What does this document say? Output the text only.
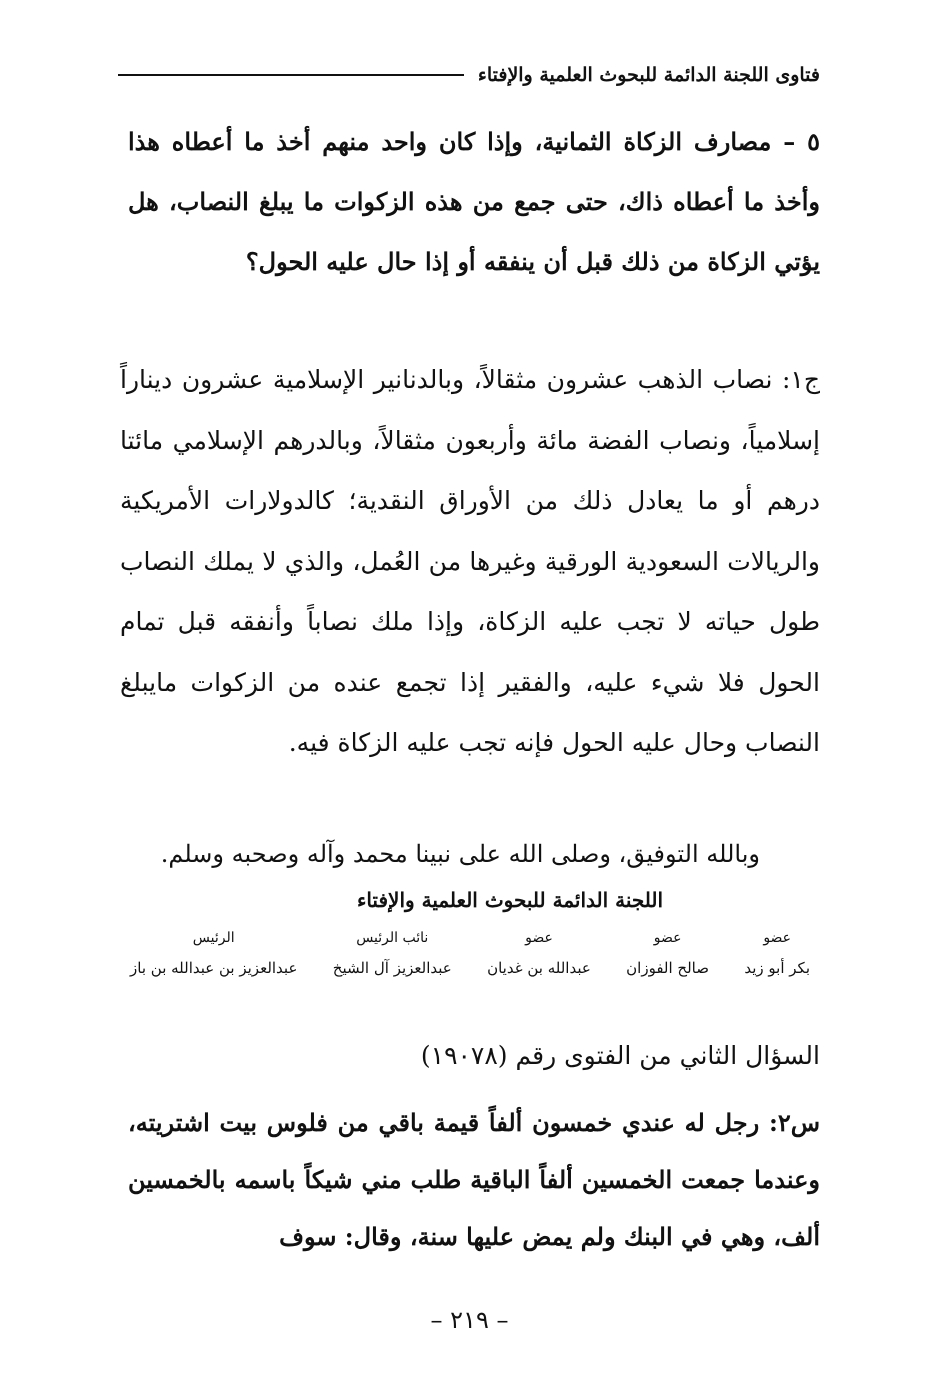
فتاوى اللجنة الدائمة للبحوث العلمية والإفتاء

٥ – مصارف الزكاة الثمانية، وإذا كان واحد منهم أخذ ما أعطاه هذا وأخذ ما أعطاه ذاك، حتى جمع من هذه الزكوات ما يبلغ النصاب، هل يؤتي الزكاة من ذلك قبل أن ينفقه أو إذا حال عليه الحول؟

ج١: نصاب الذهب عشرون مثقالاً، وبالدنانير الإسلامية عشرون ديناراً إسلامياً، ونصاب الفضة مائة وأربعون مثقالاً، وبالدرهم الإسلامي مائتا درهم أو ما يعادل ذلك من الأوراق النقدية؛ كالدولارات الأمريكية والريالات السعودية الورقية وغيرها من العُمل، والذي لا يملك النصاب طول حياته لا تجب عليه الزكاة، وإذا ملك نصاباً وأنفقه قبل تمام الحول فلا شيء عليه، والفقير إذا تجمع عنده من الزكوات مايبلغ النصاب وحال عليه الحول فإنه تجب عليه الزكاة فيه.

وبالله التوفيق، وصلى الله على نبينا محمد وآله وصحبه وسلم.
اللجنة الدائمة للبحوث العلمية والإفتاء
عضو
بكر أبو زيد
عضو
صالح الفوزان
عضو
عبدالله بن غديان
نائب الرئيس
عبدالعزيز آل الشيخ
الرئيس
عبدالعزيز بن عبدالله بن باز
السؤال الثاني من الفتوى رقم (١٩٠٧٨)

س٢: رجل له عندي خمسون ألفاً قيمة باقي من فلوس بيت اشتريته، وعندما جمعت الخمسين ألفاً الباقية طلب مني شيكاً باسمه بالخمسين ألف، وهي في البنك ولم يمض عليها سنة، وقال: سوف

– ٢١٩ –
